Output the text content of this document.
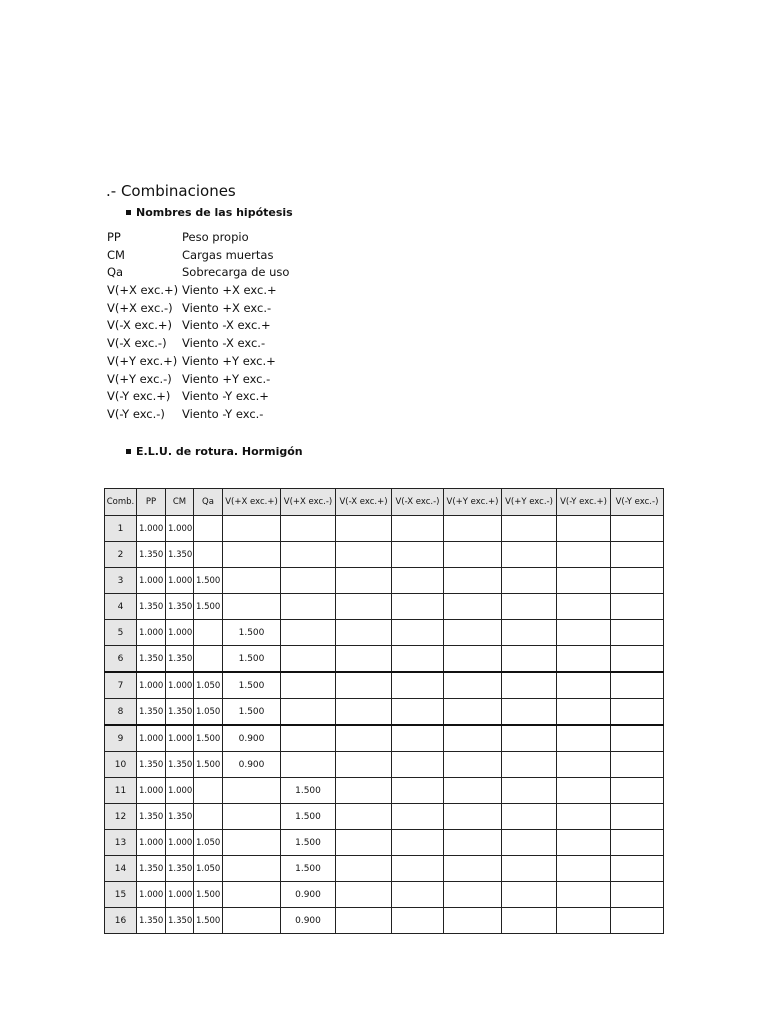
.- Combinaciones
Nombres de las hipótesis
PP	Peso propio
CM	Cargas muertas
Qa	Sobrecarga de uso
V(+X exc.+) Viento +X exc.+
V(+X exc.-) Viento +X exc.-
V(-X exc.+) Viento -X exc.+
V(-X exc.-)	Viento -X exc.-
V(+Y exc.+) Viento +Y exc.+
V(+Y exc.-) Viento +Y exc.-
V(-Y exc.+)	Viento -Y exc.+
V(-Y exc.-)	Viento -Y exc.-
E.L.U. de rotura. Hormigón
Comb.	PP	CM	Qa	V(+X exc.+)	V(+X exc.-)	V(-X exc.+)	V(-X exc.-)	V(+Y exc.+)	V(+Y exc.-)	V(-Y exc.+)	V(-Y exc.-)
1	1.000	1.000									
2	1.350	1.350									
3	1.000	1.000	1.500								
4	1.350	1.350	1.500								
5	1.000	1.000		1.500							
6	1.350	1.350		1.500							
7	1.000	1.000	1.050	1.500							
8	1.350	1.350	1.050	1.500							
9	1.000	1.000	1.500	0.900							
10	1.350	1.350	1.500	0.900							
11	1.000	1.000			1.500						
12	1.350	1.350			1.500						
13	1.000	1.000	1.050		1.500						
14	1.350	1.350	1.050		1.500						
15	1.000	1.000	1.500		0.900						
16	1.350	1.350	1.500		0.900						
